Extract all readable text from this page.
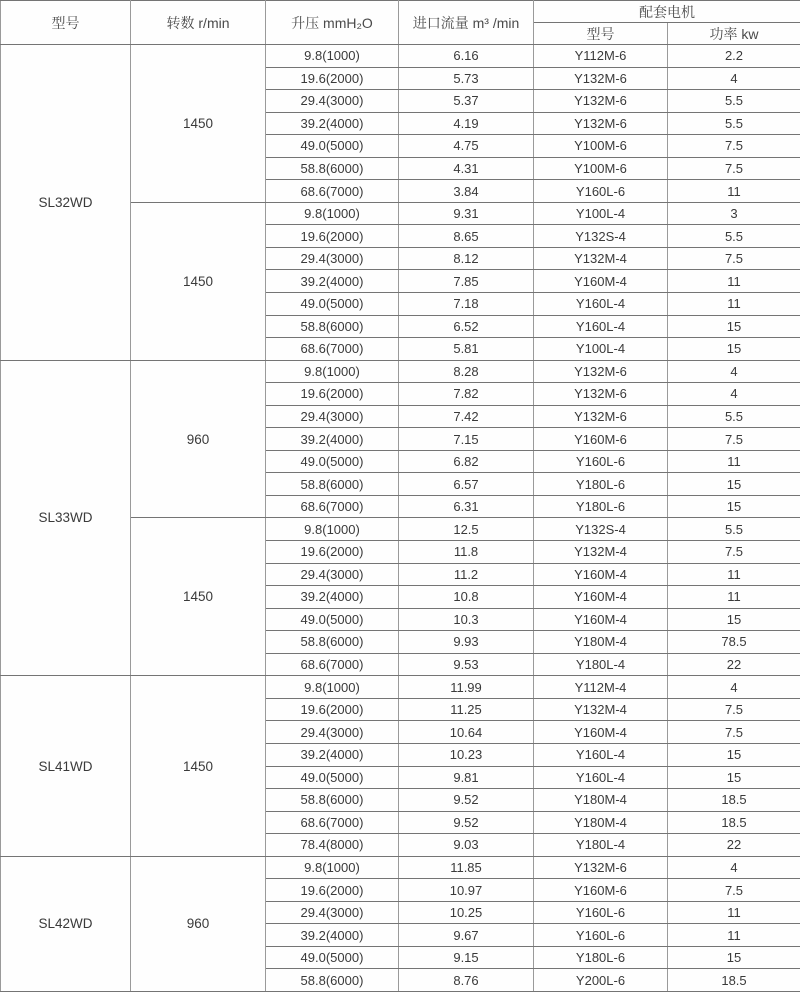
型号	转数 r/min	升压 mmH₂O	进口流量 m³ /min	配套电机	
				型号	功率 kw
SL32WD	1450	9.8(1000)	6.16	Y112M-6	2.2
		19.6(2000)	5.73	Y132M-6	4
		29.4(3000)	5.37	Y132M-6	5.5
		39.2(4000)	4.19	Y132M-6	5.5
		49.0(5000)	4.75	Y100M-6	7.5
		58.8(6000)	4.31	Y100M-6	7.5
		68.6(7000)	3.84	Y160L-6	11
	1450	9.8(1000)	9.31	Y100L-4	3
		19.6(2000)	8.65	Y132S-4	5.5
		29.4(3000)	8.12	Y132M-4	7.5
		39.2(4000)	7.85	Y160M-4	11
		49.0(5000)	7.18	Y160L-4	11
		58.8(6000)	6.52	Y160L-4	15
		68.6(7000)	5.81	Y100L-4	15
SL33WD	960	9.8(1000)	8.28	Y132M-6	4
		19.6(2000)	7.82	Y132M-6	4
		29.4(3000)	7.42	Y132M-6	5.5
		39.2(4000)	7.15	Y160M-6	7.5
		49.0(5000)	6.82	Y160L-6	11
		58.8(6000)	6.57	Y180L-6	15
		68.6(7000)	6.31	Y180L-6	15
	1450	9.8(1000)	12.5	Y132S-4	5.5
		19.6(2000)	11.8	Y132M-4	7.5
		29.4(3000)	11.2	Y160M-4	11
		39.2(4000)	10.8	Y160M-4	11
		49.0(5000)	10.3	Y160M-4	15
		58.8(6000)	9.93	Y180M-4	78.5
		68.6(7000)	9.53	Y180L-4	22
SL41WD	1450	9.8(1000)	11.99	Y112M-4	4
		19.6(2000)	11.25	Y132M-4	7.5
		29.4(3000)	10.64	Y160M-4	7.5
		39.2(4000)	10.23	Y160L-4	15
		49.0(5000)	9.81	Y160L-4	15
		58.8(6000)	9.52	Y180M-4	18.5
		68.6(7000)	9.52	Y180M-4	18.5
		78.4(8000)	9.03	Y180L-4	22
SL42WD	960	9.8(1000)	11.85	Y132M-6	4
		19.6(2000)	10.97	Y160M-6	7.5
		29.4(3000)	10.25	Y160L-6	11
		39.2(4000)	9.67	Y160L-6	11
		49.0(5000)	9.15	Y180L-6	15
		58.8(6000)	8.76	Y200L-6	18.5
